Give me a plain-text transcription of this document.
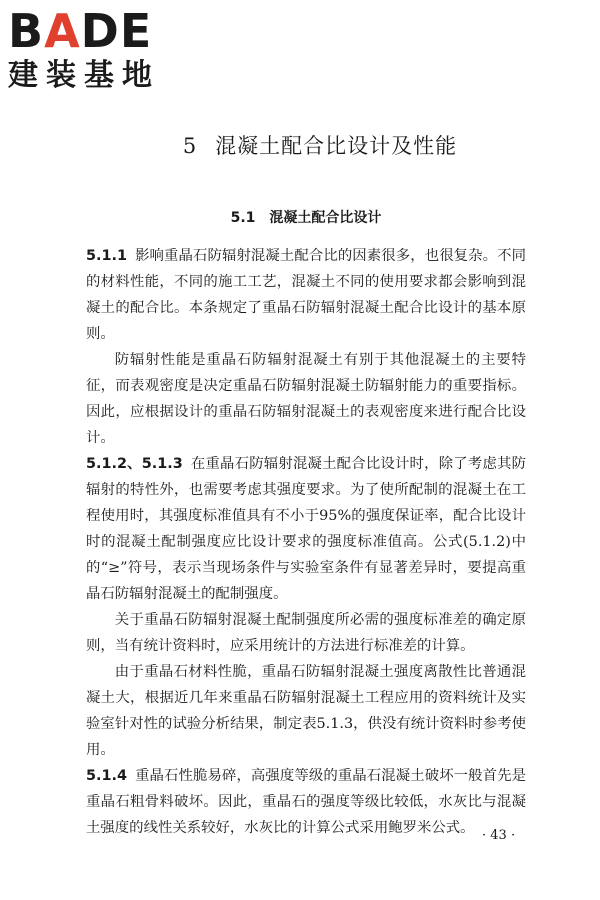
B A DE
建装基地
5 混凝土配合比设计及性能
5.1 混凝土配合比设计

5.1.1 影响重晶石防辐射混凝土配合比的因素很多，也很复杂。不同的材料性能，不同的施工工艺，混凝土不同的使用要求都会影响到混凝土的配合比。本条规定了重晶石防辐射混凝土配合比设计的基本原则。

防辐射性能是重晶石防辐射混凝土有别于其他混凝土的主要特征，而表观密度是决定重晶石防辐射混凝土防辐射能力的重要指标。因此，应根据设计的重晶石防辐射混凝土的表观密度来进行配合比设计。

5.1.2、5.1.3 在重晶石防辐射混凝土配合比设计时，除了考虑其防辐射的特性外，也需要考虑其强度要求。为了使所配制的混凝土在工程使用时，其强度标准值具有不小于95%的强度保证率，配合比设计时的混凝土配制强度应比设计要求的强度标准值高。公式(5.1.2)中的“≥”符号，表示当现场条件与实验室条件有显著差异时，要提高重晶石防辐射混凝土的配制强度。

关于重晶石防辐射混凝土配制强度所必需的强度标准差的确定原则，当有统计资料时，应采用统计的方法进行标准差的计算。

由于重晶石材料性脆，重晶石防辐射混凝土强度离散性比普通混凝土大，根据近几年来重晶石防辐射混凝土工程应用的资料统计及实验室针对性的试验分析结果，制定表5.1.3，供没有统计资料时参考使用。

5.1.4 重晶石性脆易碎，高强度等级的重晶石混凝土破坏一般首先是重晶石粗骨料破坏。因此，重晶石的强度等级比较低，水灰比与混凝土强度的线性关系较好，水灰比的计算公式采用鲍罗米公式。 · 43 ·
